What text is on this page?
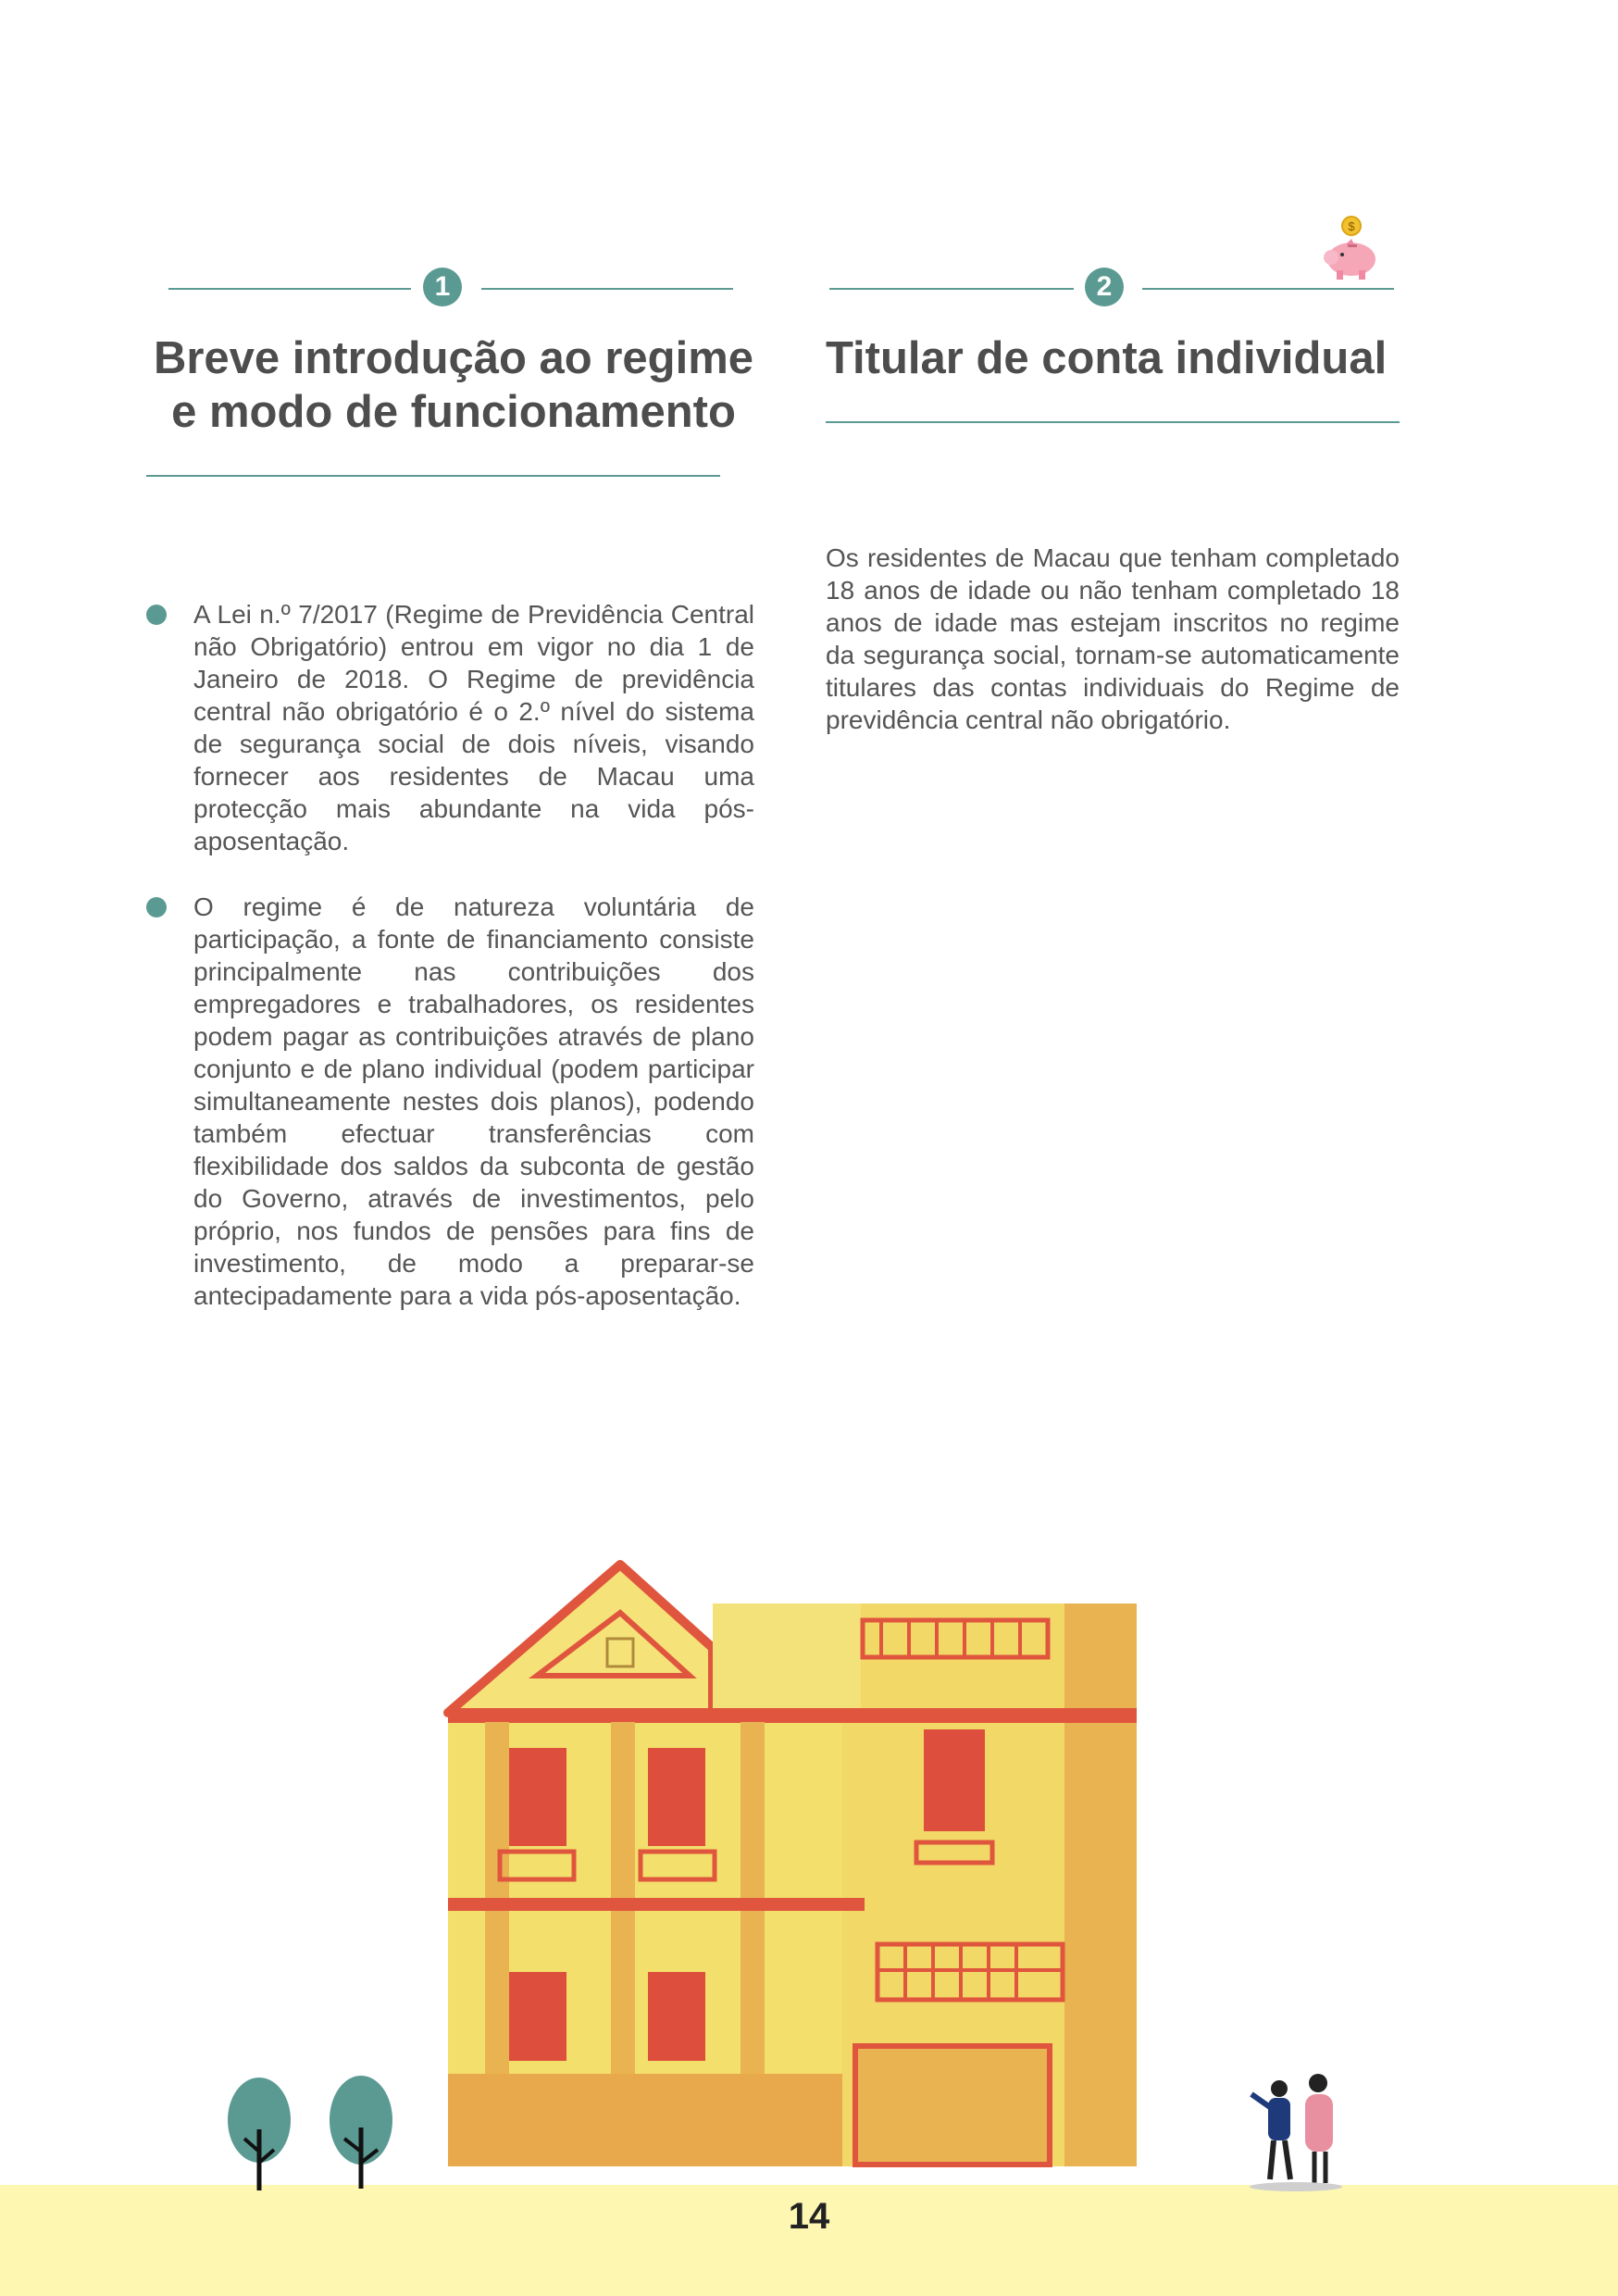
1
Breve introdução ao regime
e modo de funcionamento

A Lei n.º 7/2017 (Regime de Previdência Central não Obrigatório) entrou em vigor no dia 1 de Janeiro de 2018. O Regime de previdência central não obrigatório é o 2.º nível do sistema de segurança social de dois níveis, visando fornecer aos residentes de Macau uma protecção mais abundante na vida pós-aposentação.

O regime é de natureza voluntária de participação, a fonte de financiamento consiste principalmente nas contribuições dos empregadores e trabalhadores, os residentes podem pagar as contribuições através de plano conjunto e de plano individual (podem participar simultaneamente nestes dois planos), podendo também efectuar transferências com flexibilidade dos saldos da subconta de gestão do Governo, através de investimentos, pelo próprio, nos fundos de pensões para fins de investimento, de modo a preparar-se antecipadamente para a vida pós-aposentação.

2
$
Titular de conta individual

Os residentes de Macau que tenham completado 18 anos de idade ou não tenham completado 18 anos de idade mas estejam inscritos no regime da segurança social, tornam-se automaticamente titulares das contas individuais do Regime de previdência central não obrigatório.

14
